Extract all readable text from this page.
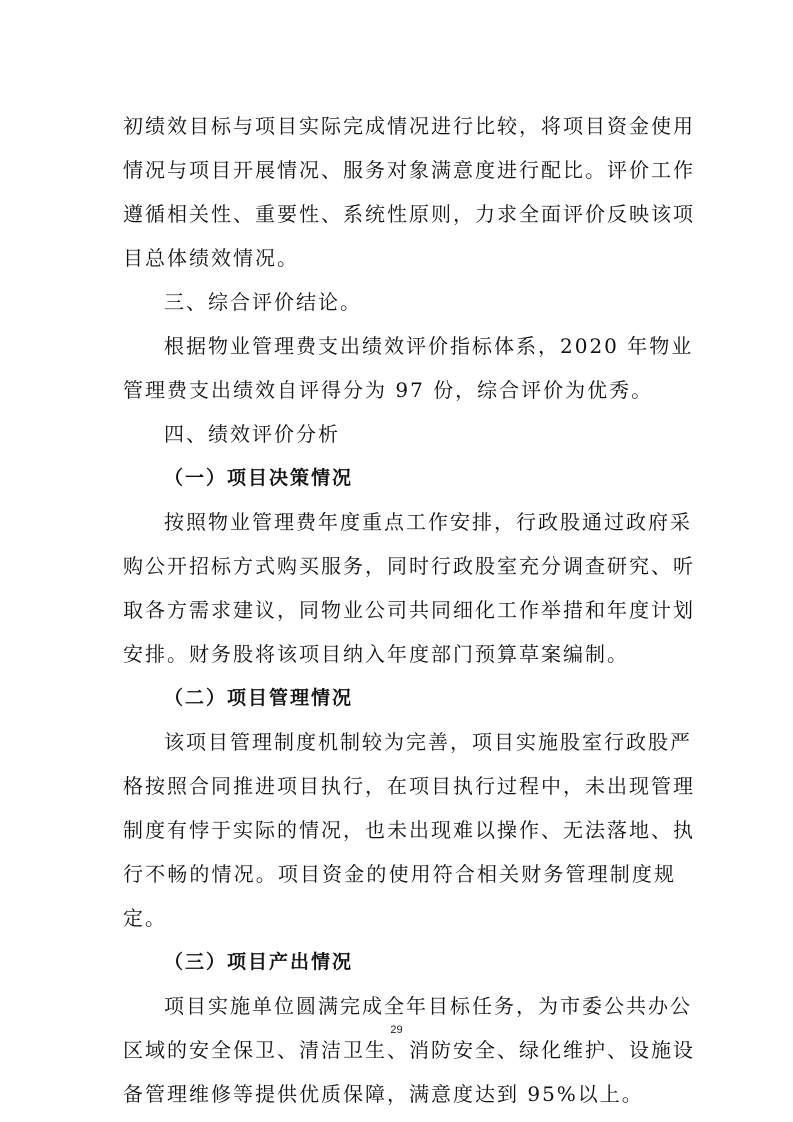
初绩效目标与项目实际完成情况进行比较，将项目资金使用
情况与项目开展情况、服务对象满意度进行配比。评价工作
遵循相关性、重要性、系统性原则，力求全面评价反映该项
目总体绩效情况。
三、综合评价结论。
根据物业管理费支出绩效评价指标体系，2020 年物业
管理费支出绩效自评得分为 97 份，综合评价为优秀。
四、绩效评价分析
（一）项目决策情况
按照物业管理费年度重点工作安排，行政股通过政府采
购公开招标方式购买服务，同时行政股室充分调查研究、听
取各方需求建议，同物业公司共同细化工作举措和年度计划
安排。财务股将该项目纳入年度部门预算草案编制。
（二）项目管理情况
该项目管理制度机制较为完善，项目实施股室行政股严
格按照合同推进项目执行，在项目执行过程中，未出现管理
制度有悖于实际的情况，也未出现难以操作、无法落地、执
行不畅的情况。项目资金的使用符合相关财务管理制度规
定。
（三）项目产出情况
项目实施单位圆满完成全年目标任务，为市委公共办公
区域的安全保卫、清洁卫生、消防安全、绿化维护、设施设
备管理维修等提供优质保障，满意度达到 95%以上。
29
